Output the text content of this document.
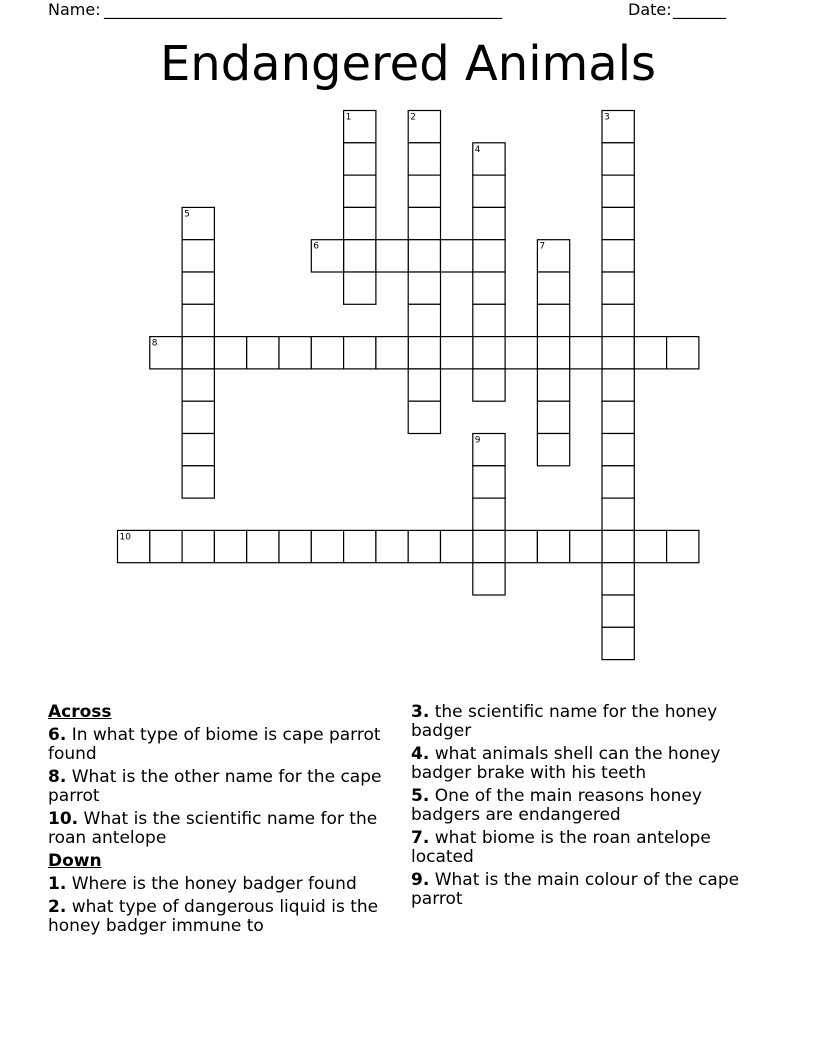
Name: _____________________________________________________	Date: _______
Endangered Animals
1	2	3
4
5
6	7
8
9
10
Across
6. In what type of biome is cape parrot found
8. What is the other name for the cape parrot
10. What is the scientific name for the roan antelope
Down
1. Where is the honey badger found
2. what type of dangerous liquid is the honey badger immune to
3. the scientific name for the honey badger
4. what animals shell can the honey badger brake with his teeth
5. One of the main reasons honey badgers are endangered
7. what biome is the roan antelope located
9. What is the main colour of the cape parrot
